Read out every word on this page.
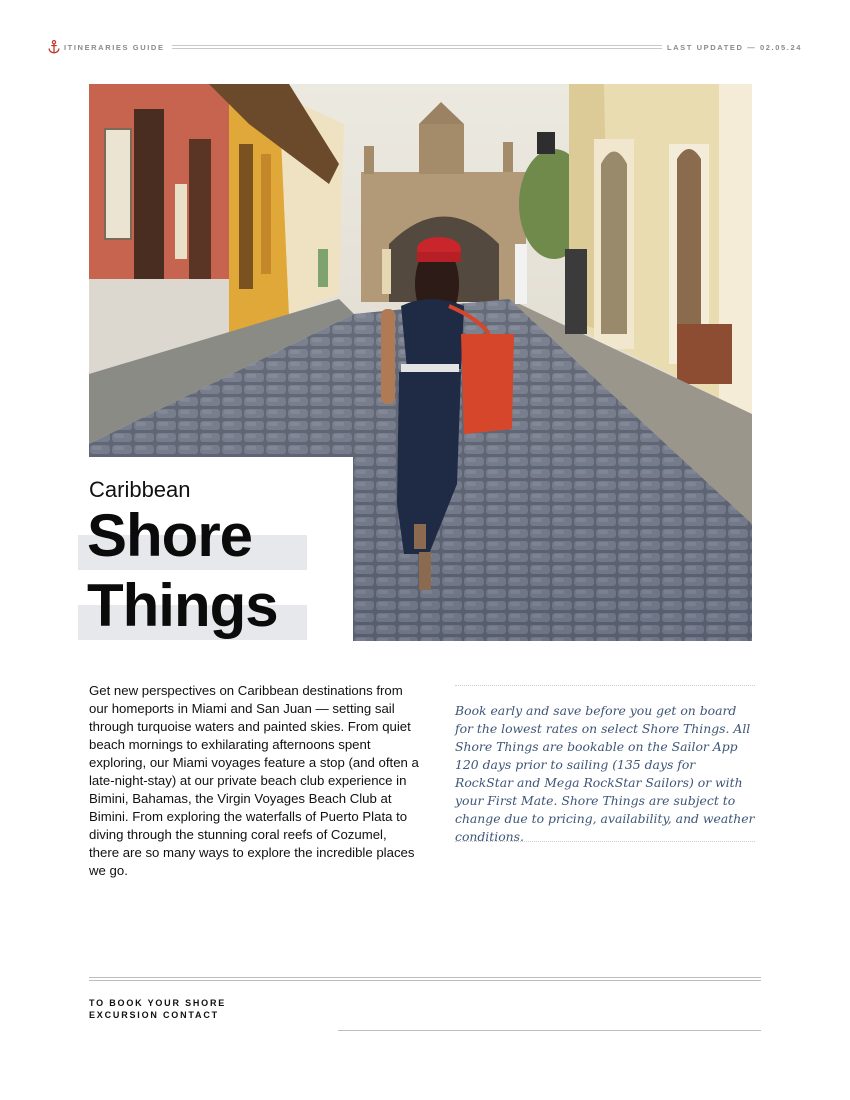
ITINERARIES GUIDE	LAST UPDATED — 02.05.24
Caribbean
Shore
Things
Get new perspectives on Caribbean destinations from our homeports in Miami and San Juan — setting sail through turquoise waters and painted skies. From quiet beach mornings to exhilarating afternoons spent exploring, our Miami voyages feature a stop (and often a late-night-stay) at our private beach club experience in Bimini, Bahamas, the Virgin Voyages Beach Club at Bimini. From exploring the waterfalls of Puerto Plata to diving through the stunning coral reefs of Cozumel, there are so many ways to explore the incredible places we go.
Book early and save before you get on board for the lowest rates on select Shore Things. All Shore Things are bookable on the Sailor App 120 days prior to sailing (135 days for RockStar and Mega RockStar Sailors) or with your First Mate. Shore Things are subject to change due to pricing, availability, and weather conditions.
TO BOOK YOUR SHORE EXCURSION CONTACT
